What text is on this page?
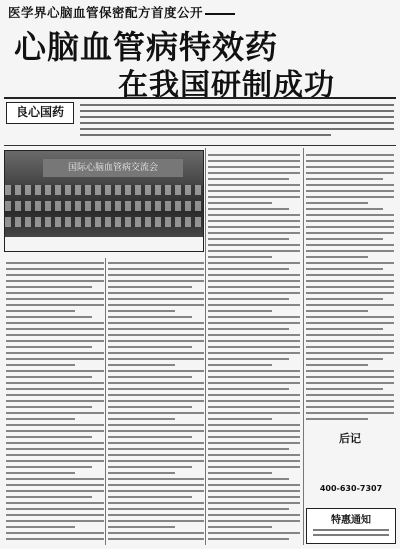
医学界心脑血管保密配方首度公开
心脑血管病特效药
在我国研制成功
良心国药
国际心脑血管病交流会
后记
400-630-7307
特惠通知
